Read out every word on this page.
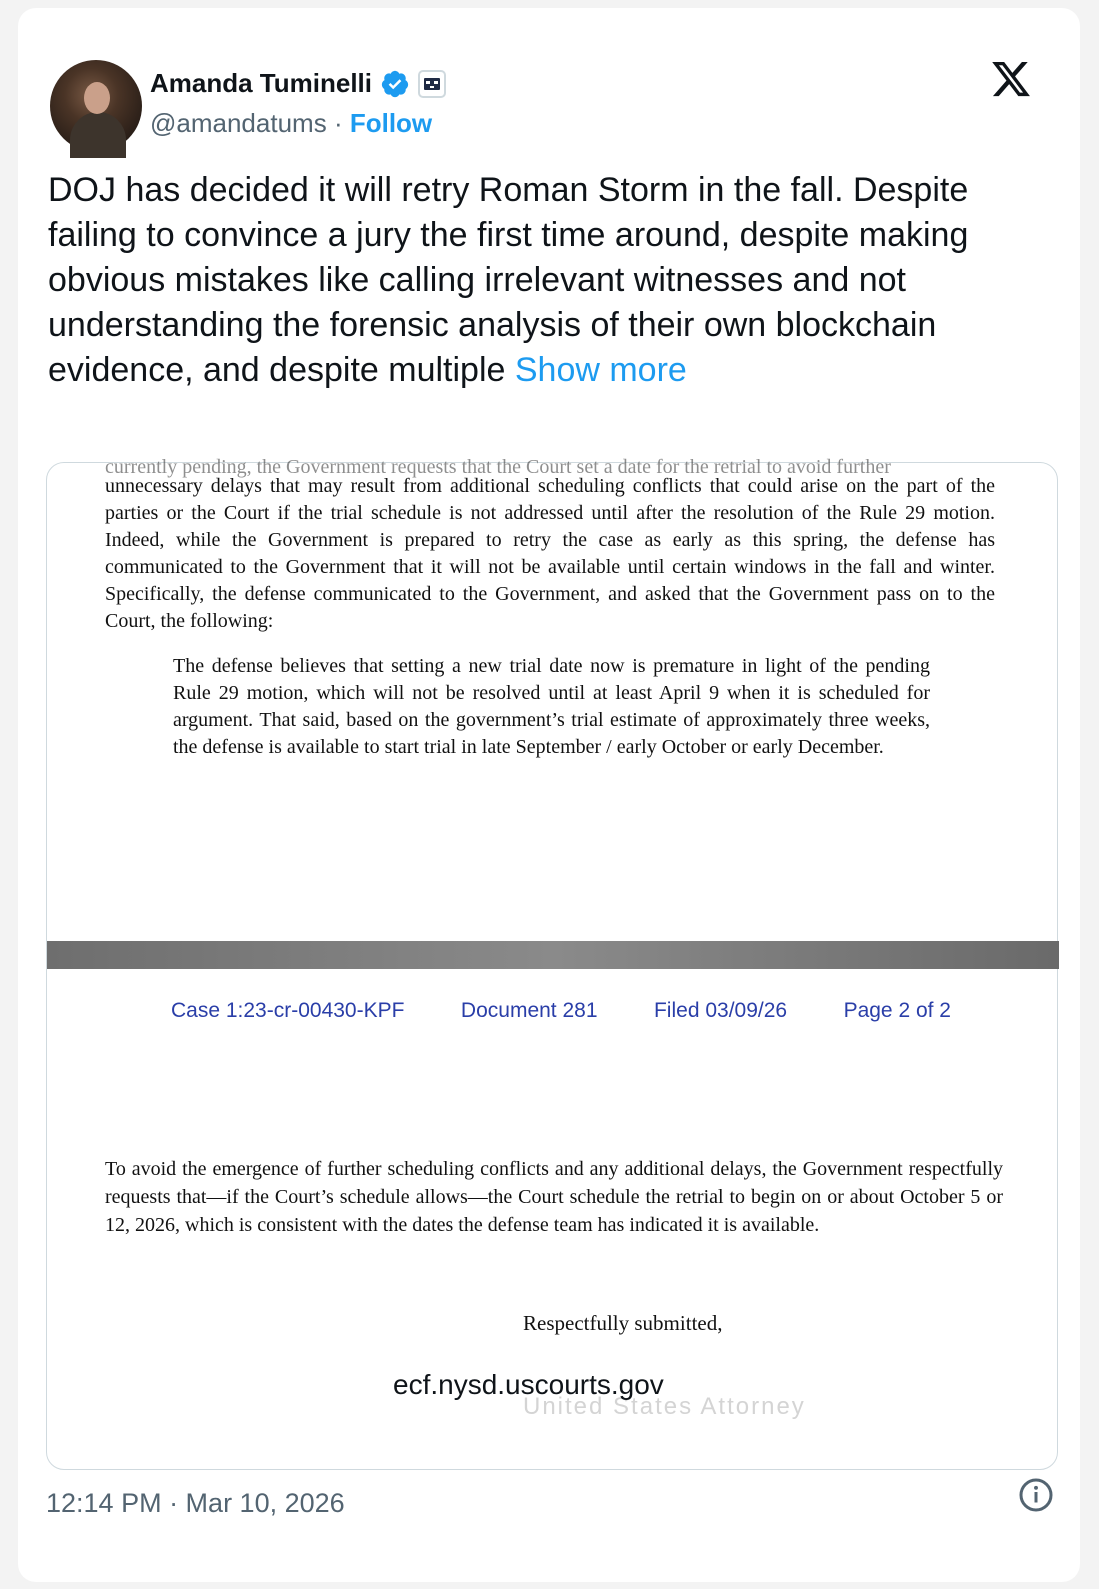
Amanda Tuminelli
@amandatums · Follow
DOJ has decided it will retry Roman Storm in the fall. Despite failing to convince a jury the first time around, despite making obvious mistakes like calling irrelevant witnesses and not understanding the forensic analysis of their own blockchain evidence, and despite multiple Show more
currently pending, the Government requests that the Court set a date for the retrial to avoid further
unnecessary delays that may result from additional scheduling conflicts that could arise on the part of the parties or the Court if the trial schedule is not addressed until after the resolution of the Rule 29 motion. Indeed, while the Government is prepared to retry the case as early as this spring, the defense has communicated to the Government that it will not be available until certain windows in the fall and winter. Specifically, the defense communicated to the Government, and asked that the Government pass on to the Court, the following:
The defense believes that setting a new trial date now is premature in light of the pending Rule 29 motion, which will not be resolved until at least April 9 when it is scheduled for argument. That said, based on the government’s trial estimate of approximately three weeks, the defense is available to start trial in late September / early October or early December.
Case 1:23-cr-00430-KPF	Document 281	Filed 03/09/26	Page 2 of 2
To avoid the emergence of further scheduling conflicts and any additional delays, the Government respectfully requests that—if the Court’s schedule allows—the Court schedule the retrial to begin on or about October 5 or 12, 2026, which is consistent with the dates the defense team has indicated it is available.
Respectfully submitted,
United States Attorney
ecf.nysd.uscourts.gov
12:14 PM · Mar 10, 2026
